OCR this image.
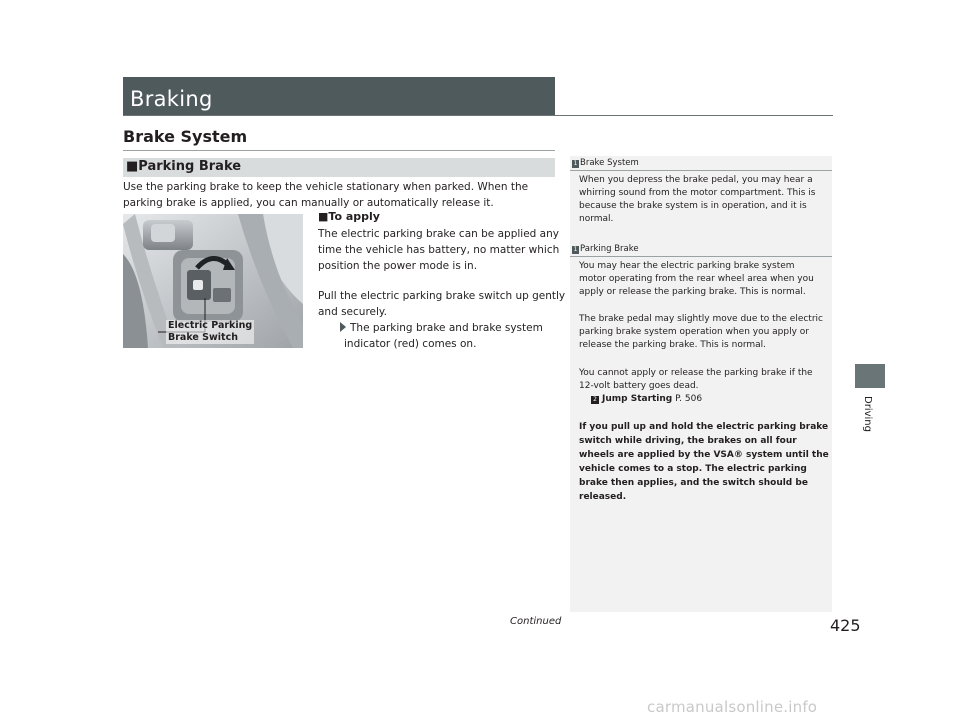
Braking
Driving
Brake System
■Parking Brake
Use the parking brake to keep the vehicle stationary when parked. When the
parking brake is applied, you can manually or automatically release it.
Electric Parking
Brake Switch
■To apply
The electric parking brake can be applied any
time the vehicle has battery, no matter which
position the power mode is in.
Pull the electric parking brake switch up gently
and securely.
The parking brake and brake system
indicator (red) comes on.
1 Brake System
When you depress the brake pedal, you may hear a
whirring sound from the motor compartment. This is
because the brake system is in operation, and it is
normal.
1 Parking Brake
You may hear the electric parking brake system
motor operating from the rear wheel area when you
apply or release the parking brake. This is normal.
The brake pedal may slightly move due to the electric
parking brake system operation when you apply or
release the parking brake. This is normal.
You cannot apply or release the parking brake if the
12-volt battery goes dead.
2 Jump Starting P. 506
If you pull up and hold the electric parking brake
switch while driving, the brakes on all four
wheels are applied by the VSA® system until the
vehicle comes to a stop. The electric parking
brake then applies, and the switch should be
released.
Continued	425
carmanualsonline.info
